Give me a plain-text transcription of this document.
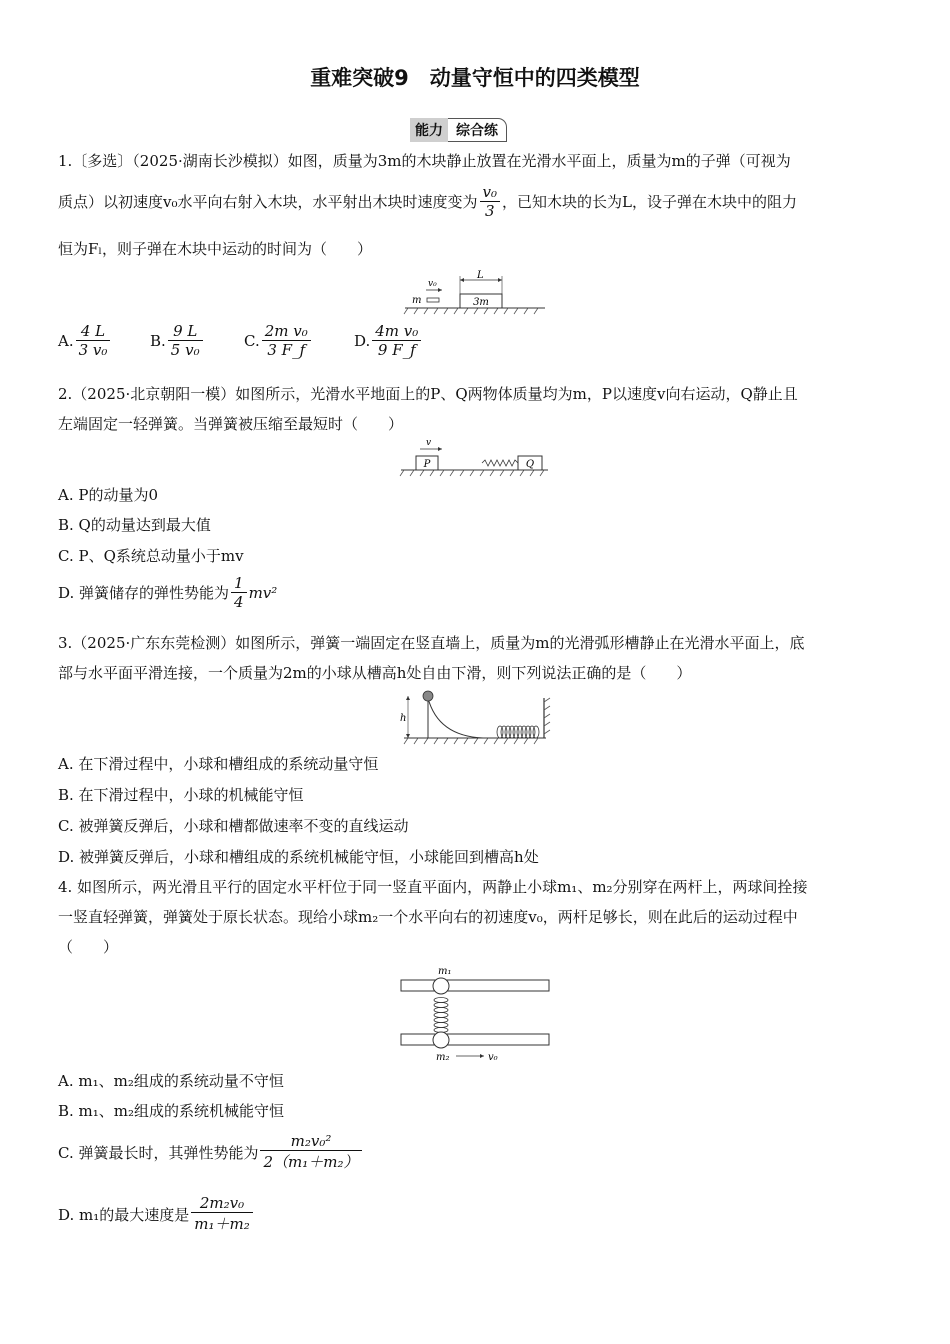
重难突破9　动量守恒中的四类模型
能力 综合练
1.〔多选〕（2025·湖南长沙模拟）如图，质量为3m的木块静止放置在光滑水平面上，质量为m的子弹（可视为
质点）以初速度v₀水平向右射入木块，水平射出木块时速度变为 $\frac{\text{v₀}}{3}$ ，已知木块的长为L，设子弹在木块中的阻力
恒为Fₗ，则子弹在木块中运动的时间为（　　）
3m
m
v₀
L
A. $\frac{4 L}{\text{3 v₀}}$	B. $\frac{9 L}{\text{5 v₀}}$	C. $\frac{\text{2m v₀}}{3 F\_f}$	D. $\frac{\text{4m v₀}}{9 F\_f}$
2.（2025·北京朝阳一模）如图所示，光滑水平地面上的P、Q两物体质量均为m，P以速度v向右运动，Q静止且
左端固定一轻弹簧。当弹簧被压缩至最短时（　　）
P
v
Q
A. P的动量为0
B. Q的动量达到最大值
C. P、Q系统总动量小于mv
D. 弹簧储存的弹性势能为 $\frac{1}{4} mv^2$
3.（2025·广东东莞检测）如图所示，弹簧一端固定在竖直墙上，质量为m的光滑弧形槽静止在光滑水平面上，底
部与水平面平滑连接，一个质量为2m的小球从槽高h处自由下滑，则下列说法正确的是（　　）
h
A. 在下滑过程中，小球和槽组成的系统动量守恒
B. 在下滑过程中，小球的机械能守恒
C. 被弹簧反弹后，小球和槽都做速率不变的直线运动
D. 被弹簧反弹后，小球和槽组成的系统机械能守恒，小球能回到槽高h处
4. 如图所示，两光滑且平行的固定水平杆位于同一竖直平面内，两静止小球m₁、m₂分别穿在两杆上，两球间拴接
一竖直轻弹簧，弹簧处于原长状态。现给小球m₂一个水平向右的初速度v₀，两杆足够长，则在此后的运动过程中
（　　）
m₁
m₂	v₀
A. m₁、m₂组成的系统动量不守恒
B. m₁、m₂组成的系统机械能守恒
C. 弹簧最长时，其弹性势能为 $\frac{\text{m₂v₀²}}{\text{2（m₁＋m₂）}}$
D. m₁的最大速度是 $\frac{\text{2m₂v₀}}{\text{m₁＋m₂}}$
